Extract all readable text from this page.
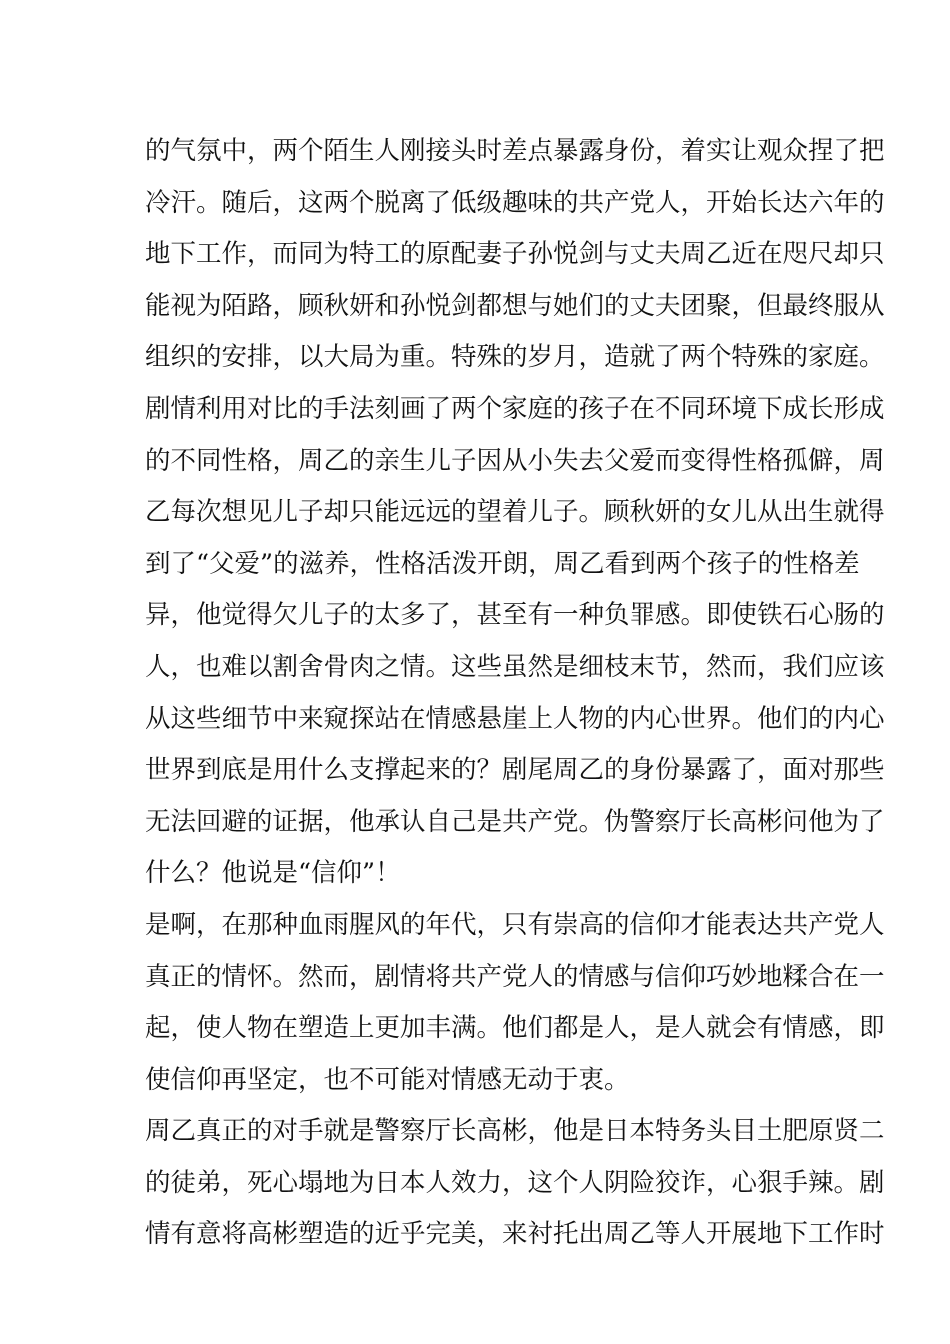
的气氛中，两个陌生人刚接头时差点暴露身份，着实让观众捏了把
冷汗。随后，这两个脱离了低级趣味的共产党人，开始长达六年的
地下工作，而同为特工的原配妻子孙悦剑与丈夫周乙近在咫尺却只
能视为陌路，顾秋妍和孙悦剑都想与她们的丈夫团聚，但最终服从
组织的安排，以大局为重。特殊的岁月，造就了两个特殊的家庭。
剧情利用对比的手法刻画了两个家庭的孩子在不同环境下成长形成
的不同性格，周乙的亲生儿子因从小失去父爱而变得性格孤僻，周
乙每次想见儿子却只能远远的望着儿子。顾秋妍的女儿从出生就得
到了“父爱”的滋养，性格活泼开朗，周乙看到两个孩子的性格差
异，他觉得欠儿子的太多了，甚至有一种负罪感。即使铁石心肠的
人，也难以割舍骨肉之情。这些虽然是细枝末节，然而，我们应该
从这些细节中来窥探站在情感悬崖上人物的内心世界。他们的内心
世界到底是用什么支撑起来的？剧尾周乙的身份暴露了，面对那些
无法回避的证据，他承认自己是共产党。伪警察厅长高彬问他为了
什么？他说是“信仰”！
是啊，在那种血雨腥风的年代，只有崇高的信仰才能表达共产党人
真正的情怀。然而，剧情将共产党人的情感与信仰巧妙地糅合在一
起，使人物在塑造上更加丰满。他们都是人，是人就会有情感，即
使信仰再坚定，也不可能对情感无动于衷。
周乙真正的对手就是警察厅长高彬，他是日本特务头目土肥原贤二
的徒弟，死心塌地为日本人效力，这个人阴险狡诈，心狠手辣。剧
情有意将高彬塑造的近乎完美，来衬托出周乙等人开展地下工作时
